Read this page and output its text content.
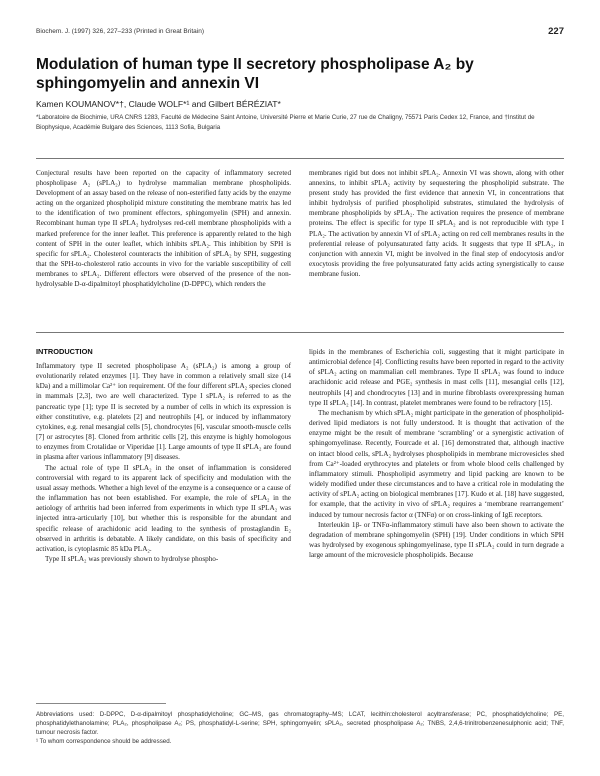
Biochem. J. (1997) 326, 227–233 (Printed in Great Britain)	227
Modulation of human type II secretory phospholipase A₂ by sphingomyelin and annexin VI
Kamen KOUMANOV*†, Claude WOLF*¹ and Gilbert BÉRÉZIAT*
*Laboratoire de Biochimie, URA CNRS 1283, Faculté de Médecine Saint Antoine, Université Pierre et Marie Curie, 27 rue de Chaligny, 75571 Paris Cedex 12, France, and †Institut de Biophysique, Académie Bulgare des Sciences, 1113 Sofia, Bulgaria
Conjectural results have been reported on the capacity of inflammatory secreted phospholipase A₂ (sPLA₂) to hydrolyse mammalian membrane phospholipids. Development of an assay based on the release of non-esterified fatty acids by the enzyme acting on the organized phospholipid mixture constituting the membrane matrix has led to the identification of two prominent effectors, sphingomyelin (SPH) and annexin. Recombinant human type II sPLA₂ hydrolyses red-cell membrane phospholipids with a marked preference for the inner leaflet. This preference is apparently related to the high content of SPH in the outer leaflet, which inhibits sPLA₂. This inhibition by SPH is specific for sPLA₂. Cholesterol counteracts the inhibition of sPLA₂ by SPH, suggesting that the SPH-to-cholesterol ratio accounts in vivo for the variable susceptibility of cell membranes to sPLA₂. Different effectors were observed of the presence of the non-hydrolysable D-α-dipalmitoyl phosphatidylcholine (D-DPPC), which renders the
membranes rigid but does not inhibit sPLA₂. Annexin VI was shown, along with other annexins, to inhibit sPLA₂ activity by sequestering the phospholipid substrate. The present study has provided the first evidence that annexin VI, in concentrations that inhibit hydrolysis of purified phospholipid substrates, stimulated the hydrolysis of membrane phospholipids by sPLA₂. The activation requires the presence of membrane proteins. The effect is specific for type II sPLA₂ and is not reproducible with type I PLA₂. The activation by annexin VI of sPLA₂ acting on red cell membranes results in the preferential release of polyunsaturated fatty acids. It suggests that type II sPLA₂, in conjunction with annexin VI, might be involved in the final step of endocytosis and/or exocytosis providing the free polyunsaturated fatty acids acting synergistically to cause membrane fusion.
INTRODUCTION

Inflammatory type II secreted phospholipase A₂ (sPLA₂) is among a group of evolutionarily related enzymes [1]. They have in common a relatively small size (14 kDa) and a millimolar Ca²⁺ ion requirement. Of the four different sPLA₂ species cloned in mammals [2,3], two are well characterized. Type I sPLA₂ is referred to as the pancreatic type [1]; type II is secreted by a number of cells in which its expression is either constitutive, e.g. platelets [2] and neutrophils [4], or induced by inflammatory cytokines, e.g. renal mesangial cells [5], chondrocytes [6], vascular smooth-muscle cells [7] or astrocytes [8]. Cloned from arthritic cells [2], this enzyme is highly homologous to enzymes from Crotalidae or Viperidae [1]. Large amounts of type II sPLA₂ are found in plasma after various inflammatory [9] diseases.

The actual role of type II sPLA₂ in the onset of inflammation is considered controversial with regard to its apparent lack of specificity and modulation with the usual assay methods. Whether a high level of the enzyme is a consequence or a cause of the inflammation has not been established. For example, the role of sPLA₂ in the aetiology of arthritis had been inferred from experiments in which type II sPLA₂ was injected intra-articularly [10], but whether this is responsible for the abundant and specific release of arachidonic acid leading to the synthesis of prostaglandin E₂ observed in arthritis is debatable. A likely candidate, on this basis of specificity and activation, is cytoplasmic 85 kDa PLA₂.

Type II sPLA₂ was previously shown to hydrolyse phospho-

lipids in the membranes of Escherichia coli, suggesting that it might participate in antimicrobial defence [4]. Conflicting results have been reported in regard to the activity of sPLA₂ acting on mammalian cell membranes. Type II sPLA₂ was found to induce arachidonic acid release and PGE₂ synthesis in mast cells [11], mesangial cells [12], neutrophils [4] and chondrocytes [13] and in murine fibroblasts overexpressing human type II sPLA₂ [14]. In contrast, platelet membranes were found to be refractory [15].

The mechanism by which sPLA₂ might participate in the generation of phospholipid-derived lipid mediators is not fully understood. It is thought that activation of the enzyme might be the result of membrane ‘scrambling’ or a synergistic activation of sphingomyelinase. Recently, Fourcade et al. [16] demonstrated that, although inactive on intact blood cells, sPLA₂ hydrolyses phospholipids in membrane microvesicles shed from Ca²⁺-loaded erythrocytes and platelets or from whole blood cells challenged by inflammatory stimuli. Phospholipid asymmetry and lipid packing are known to be widely modified under these circumstances and to have a critical role in modulating the activity of sPLA₂ acting on biological membranes [17]. Kudo et al. [18] have suggested, for example, that the activity in vivo of sPLA₂ requires a ‘membrane rearrangement’ induced by tumour necrosis factor α (TNFα) or on cross-linking of IgE receptors.

Interleukin 1β- or TNFα-inflammatory stimuli have also been shown to activate the degradation of membrane sphingomyelin (SPH) [19]. Under conditions in which SPH was hydrolysed by exogenous sphingomyelinase, type II sPLA₂ could in turn degrade a large amount of the microvesicle phospholipids. Because

Abbreviations used: D-DPPC, D-α-dipalmitoyl phosphatidylcholine; GC–MS, gas chromatography–MS; LCAT, lecithin:cholesterol acyltransferase; PC, phosphatidylcholine; PE, phosphatidylethanolamine; PLA₂, phospholipase A₂; PS, phosphatidyl-L-serine; SPH, sphingomyelin; sPLA₂, secreted phospholipase A₂; TNBS, 2,4,6-trinitrobenzenesulphonic acid; TNF, tumour necrosis factor.
¹ To whom correspondence should be addressed.
